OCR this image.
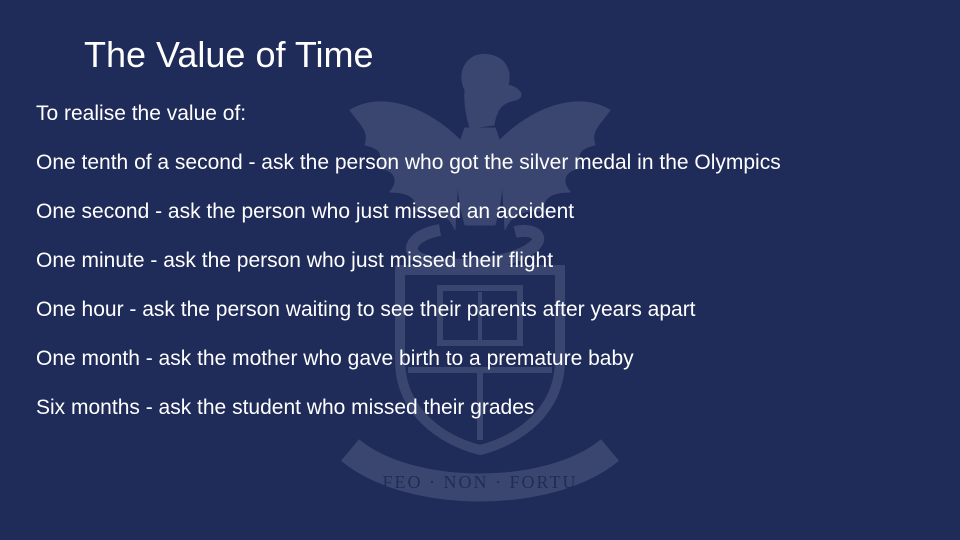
FEO · NON · FORTU
The Value of Time

To realise the value of:

One tenth of a second - ask the person who got the silver medal in the Olympics

One second - ask the person who just missed an accident

One minute - ask the person who just missed their flight

One hour - ask the person waiting to see their parents after years apart

One month - ask the mother who gave birth to a premature baby

Six months - ask the student who missed their grades
